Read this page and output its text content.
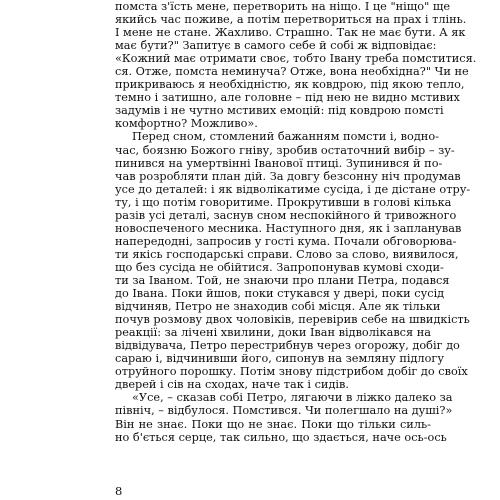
помста з'їсть мене, перетворить на ніщо. І це "ніщо" ще
якийсь час поживе, а потім перетвориться на прах і тлінь.
І мене не стане. Жахливо. Страшно. Так не має бути. А як
має бути?" Запитує в самого себе й собі ж відповідає:
«Кожний має отримати своє, тобто Івану треба помститися.
ся. Отже, помста неминуча? Отже, вона необхідна?" Чи не
прикриваюсь я необхідністю, як ковдрою, під якою тепло,
темно і затишно, але головне – під нею не видно мстивих
задумів і не чутно мстивих емоцій: під ковдрою помсті
комфортно? Можливо».
Перед сном, стомлений бажанням помсти і, водно-
час, боязню Божого гніву, зробив остаточний вибір – зу-
пинився на умертвінні Іванової птиці. Зупинився й по-
чав розробляти план дій. За довгу безсонну ніч продумав
усе до деталей: і як відволікатиме сусіда, і де дістане отру-
ту, і що потім говоритиме. Прокрутивши в голові кілька
разів усі деталі, заснув сном неспокійного й тривожного
новоспеченого месника. Наступного дня, як і запланував
напередодні, запросив у гості кума. Почали обговорюва-
ти якісь господарські справи. Слово за слово, виявилося,
що без сусіда не обійтися. Запропонував кумові сходи-
ти за Іваном. Той, не знаючи про плани Петра, подався
до Івана. Поки йшов, поки стукався у двері, поки сусід
відчиняв, Петро не знаходив собі місця. Але як тільки
почув розмову двох чоловіків, перевірив себе на швидкість
реакції: за лічені хвилини, доки Іван відволікався на
відвідувача, Петро перестрибнув через огорожу, добіг до
сараю і, відчинивши його, сипонув на земляну підлогу
отруйного порошку. Потім знову підстрибом добіг до своїх
дверей і сів на сходах, наче так і сидів.
«Усе, – сказав собі Петро, лягаючи в ліжко далеко за
північ, – відбулося. Помстився. Чи полегшало на душі?»
Він не знає. Поки що не знає. Поки що тільки силь-
но б'ється серце, так сильно, що здається, наче ось-ось
8
